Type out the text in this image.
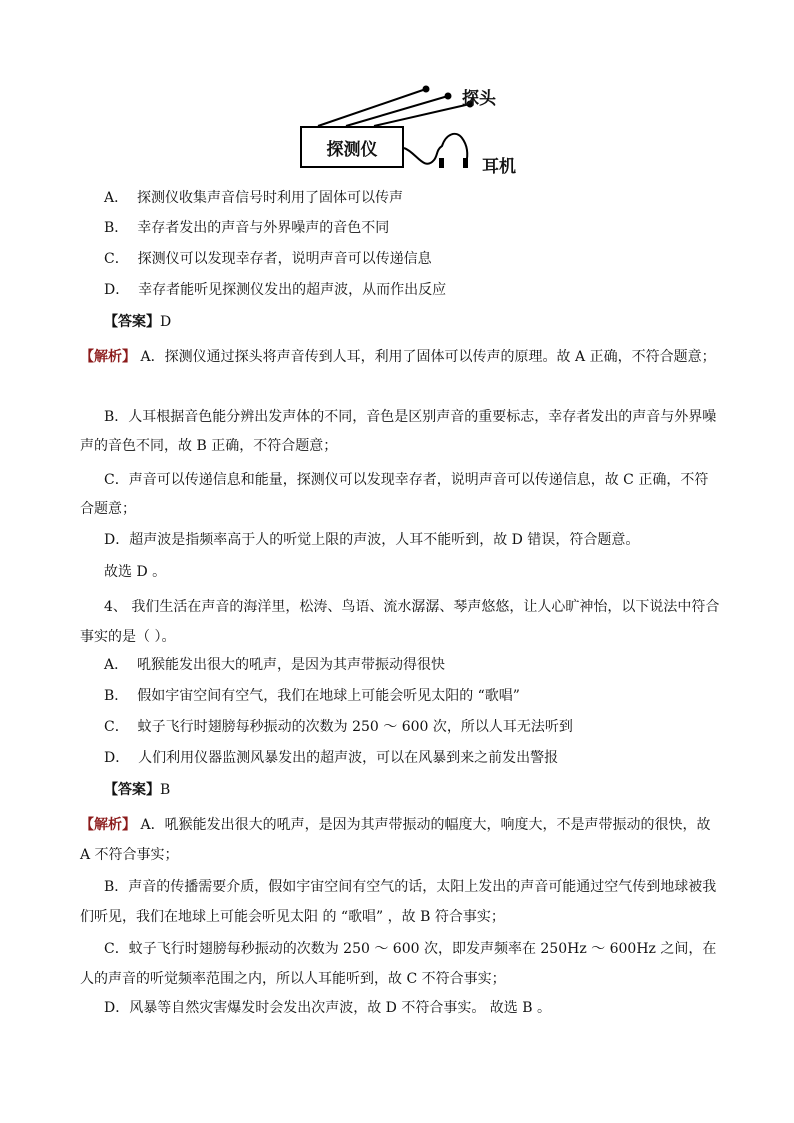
探测仪
探头
耳机
A． 探测仪收集声音信号时利用了固体可以传声
B． 幸存者发出的声音与外界噪声的音色不同
C． 探测仪可以发现幸存者，说明声音可以传递信息
D． 幸存者能听见探测仪发出的超声波，从而作出反应
【答案】D
【解析】 A．探测仪通过探头将声音传到人耳，利用了固体可以传声的原理。故 A 正确，不符合题意；
B．人耳根据音色能分辨出发声体的不同，音色是区别声音的重要标志，幸存者发出的声音与外界噪声的音色不同，故 B 正确，不符合题意；
C．声音可以传递信息和能量，探测仪可以发现幸存者，说明声音可以传递信息，故 C 正确，不符合题意；
D．超声波是指频率高于人的听觉上限的声波，人耳不能听到，故 D 错误，符合题意。
故选 D 。
4、 我们生活在声音的海洋里，松涛、鸟语、流水潺潺、琴声悠悠，让人心旷神怡，以下说法中符合事实的是（ ）。
A． 吼猴能发出很大的吼声，是因为其声带振动得很快
B． 假如宇宙空间有空气，我们在地球上可能会听见太阳的 “歌唱”
C． 蚊子飞行时翅膀每秒振动的次数为 250 ～ 600 次，所以人耳无法听到
D． 人们利用仪器监测风暴发出的超声波，可以在风暴到来之前发出警报
【答案】B
【解析】 A．吼猴能发出很大的吼声，是因为其声带振动的幅度大，响度大，不是声带振动的很快，故 A 不符合事实；
B．声音的传播需要介质，假如宇宙空间有空气的话，太阳上发出的声音可能通过空气传到地球被我们听见，我们在地球上可能会听见太阳 的 “歌唱” ，故 B 符合事实；
C．蚊子飞行时翅膀每秒振动的次数为 250 ～ 600 次，即发声频率在 250Hz ～ 600Hz 之间，在人的声音的听觉频率范围之内，所以人耳能听到，故 C 不符合事实；
D．风暴等自然灾害爆发时会发出次声波，故 D 不符合事实。 故选 B 。
